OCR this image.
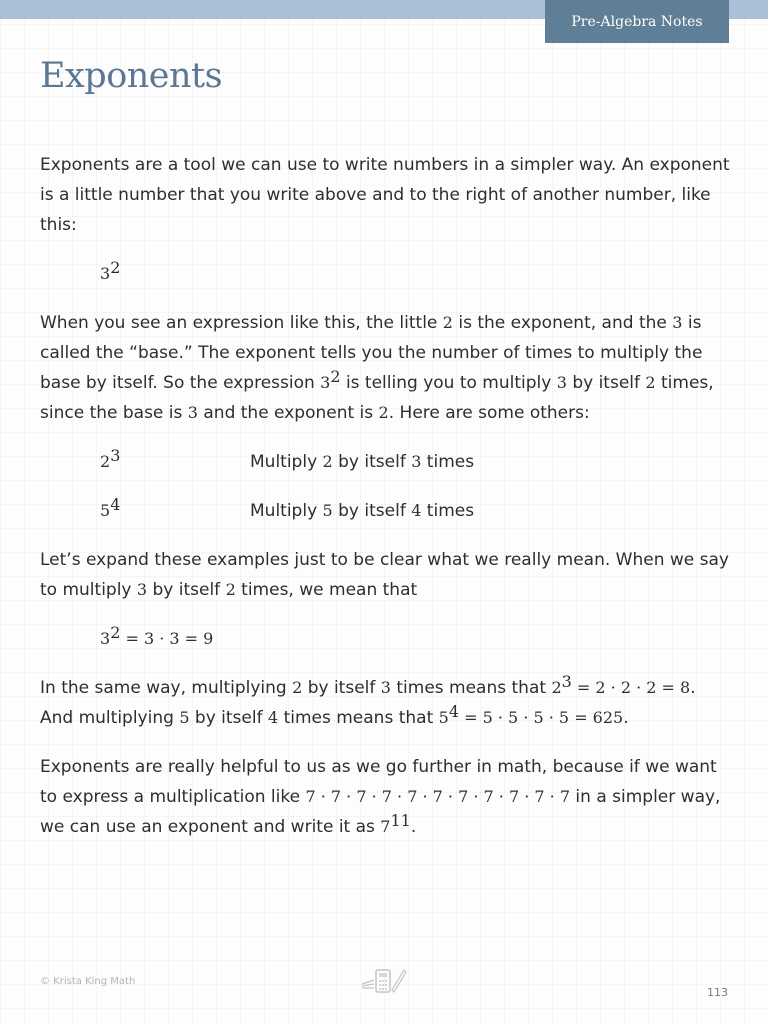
Pre-Algebra Notes
Exponents

Exponents are a tool we can use to write numbers in a simpler way. An exponent is a little number that you write above and to the right of another number, like this:

$3^2$

When you see an expression like this, the little 2 is the exponent, and the 3 is called the “base.” The exponent tells you the number of times to multiply the base by itself. So the expression $3^2$ is telling you to multiply 3 by itself 2 times, since the base is 3 and the exponent is 2. Here are some others:

$2^3$	Multiply 2 by itself 3 times
$5^4$	Multiply 5 by itself 4 times

Let’s expand these examples just to be clear what we really mean. When we say to multiply 3 by itself 2 times, we mean that

$3^2 = 3 \cdot 3 = 9$

In the same way, multiplying 2 by itself 3 times means that $2^3 = 2 \cdot 2 \cdot 2 = 8$. And multiplying 5 by itself 4 times means that $5^4 = 5 \cdot 5 \cdot 5 \cdot 5 = 625$.

Exponents are really helpful to us as we go further in math, because if we want to express a multiplication like 7 · 7 · 7 · 7 · 7 · 7 · 7 · 7 · 7 · 7 · 7 in a simpler way, we can use an exponent and write it as $7^{11}$.

© Krista King Math
113
